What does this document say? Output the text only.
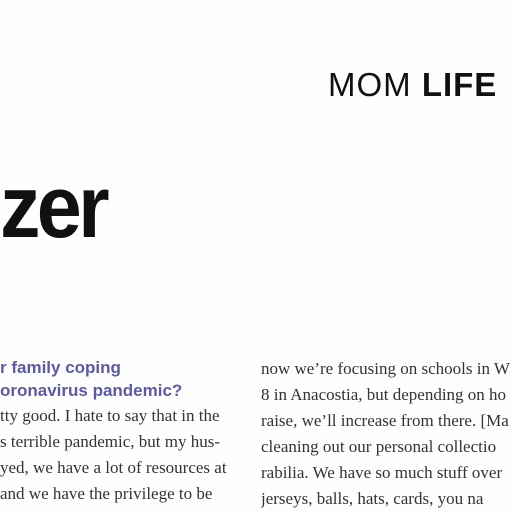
MOM LIFE
zer
r family coping
oronavirus pandemic?
tty good. I hate to say that in the
s terrible pandemic, but my hus-
yed, we have a lot of resources at
and we have the privilege to be
now we’re focusing on schools in W
8 in Anacostia, but depending on ho
raise, we’ll increase from there. [Ma
cleaning out our personal collectio
rabilia. We have so much stuff over
jerseys, balls, hats, cards, you na
